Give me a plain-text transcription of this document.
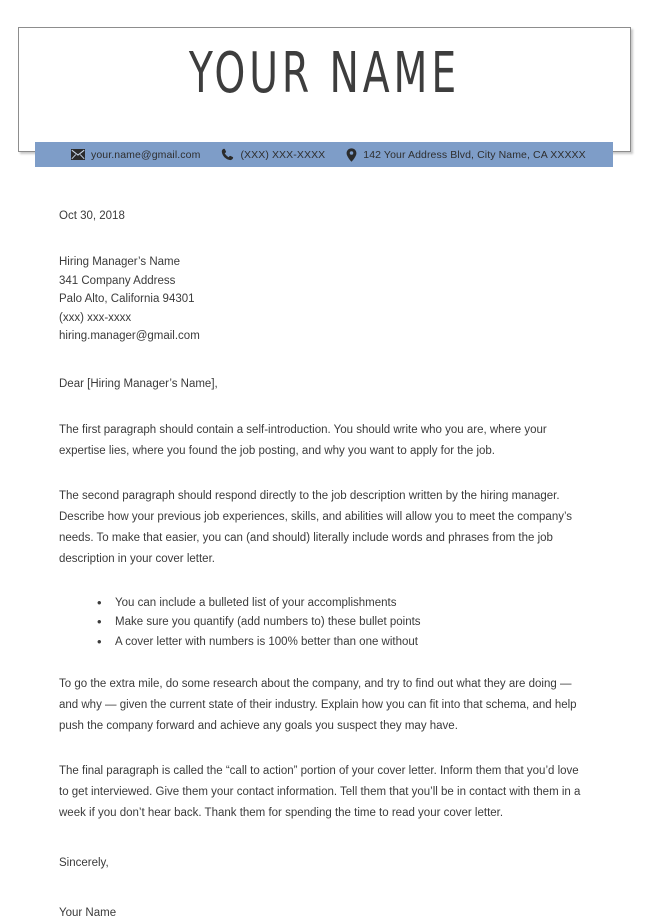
YOUR NAME
your.name@gmail.com	(XXX) XXX-XXXX	142 Your Address Blvd, City Name, CA XXXXX
Oct 30, 2018
Hiring Manager’s Name
341 Company Address
Palo Alto, California 94301
(xxx) xxx-xxxx
hiring.manager@gmail.com
Dear [Hiring Manager’s Name],
The first paragraph should contain a self-introduction. You should write who you are, where your expertise lies, where you found the job posting, and why you want to apply for the job.
The second paragraph should respond directly to the job description written by the hiring manager. Describe how your previous job experiences, skills, and abilities will allow you to meet the company’s needs. To make that easier, you can (and should) literally include words and phrases from the job description in your cover letter.
• You can include a bulleted list of your accomplishments
• Make sure you quantify (add numbers to) these bullet points
• A cover letter with numbers is 100% better than one without
To go the extra mile, do some research about the company, and try to find out what they are doing — and why — given the current state of their industry. Explain how you can fit into that schema, and help push the company forward and achieve any goals you suspect they may have.
The final paragraph is called the “call to action” portion of your cover letter. Inform them that you’d love to get interviewed. Give them your contact information. Tell them that you’ll be in contact with them in a week if you don’t hear back. Thank them for spending the time to read your cover letter.
Sincerely,
Your Name
